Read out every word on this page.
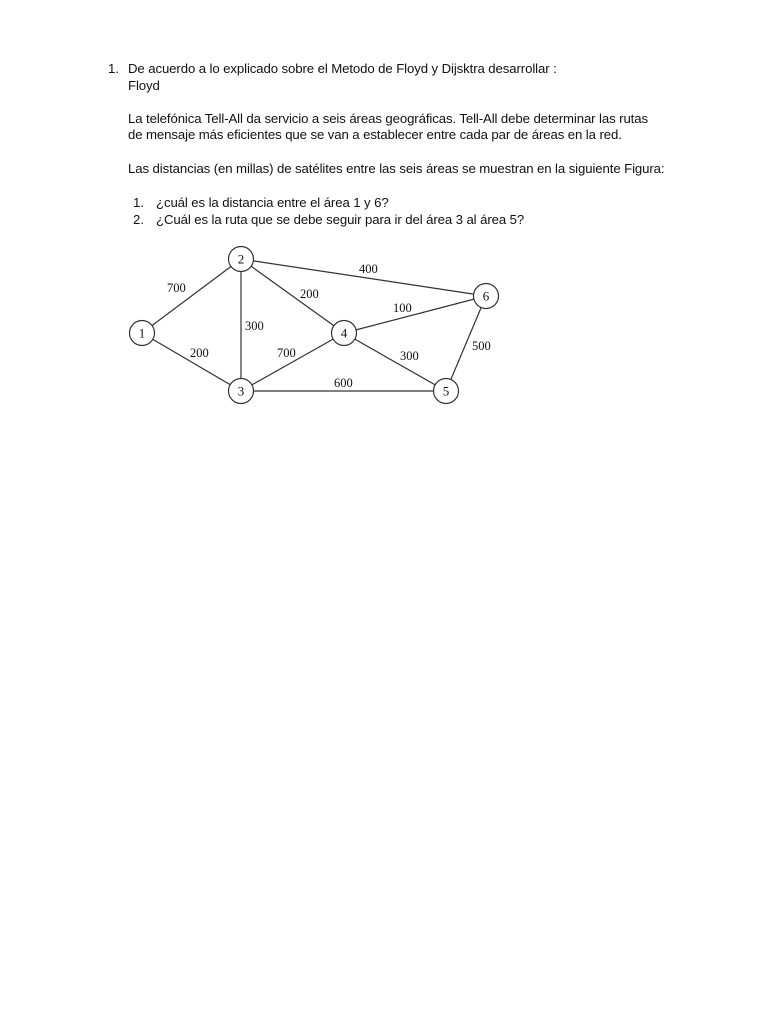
1. De acuerdo a lo explicado sobre el Metodo de Floyd y Dijsktra desarrollar :
Floyd
La telefónica Tell-All da servicio a seis áreas geográficas. Tell-All debe determinar las rutas
de mensaje más eficientes que se van a establecer entre cada par de áreas en la red.
Las distancias (en millas) de satélites entre las seis áreas se muestran en la siguiente Figura:
1. ¿cuál es la distancia entre el área 1 y 6?
2. ¿Cuál es la ruta que se debe seguir para ir del área 3 al área 5?
700
200
300
200
400
700
600
300
100
500
1
2
3
4
5
6
